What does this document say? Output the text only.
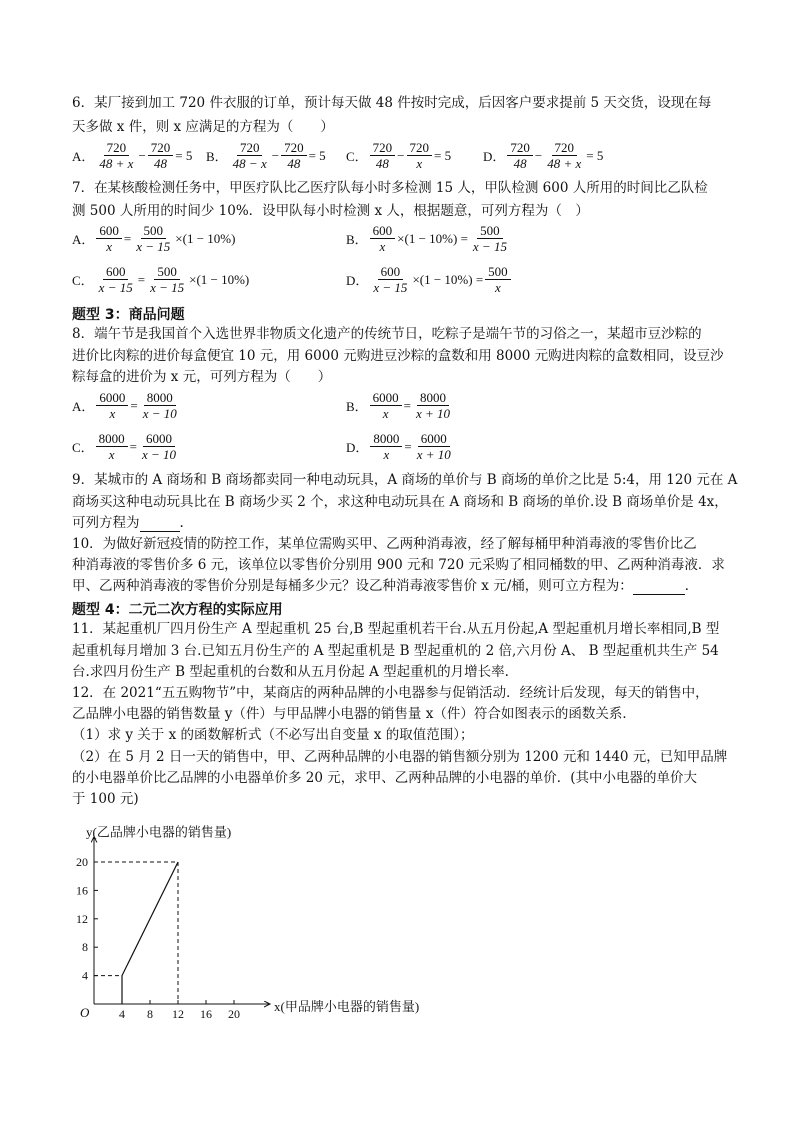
6．某厂接到加工 720 件衣服的订单，预计每天做 48 件按时完成，后因客户要求提前 5 天交货，设现在每
天多做 x 件，则 x 应满足的方程为（　　）
A． $\frac{720}{48 + x} - \frac{720}{48} = 5$ B． $\frac{720}{48 - x} - \frac{720}{48} = 5$ C． $\frac{720}{48} - \frac{720}{x} = 5$ D． $\frac{720}{48} - \frac{720}{48 + x} = 5$
7．在某核酸检测任务中，甲医疗队比乙医疗队每小时多检测 15 人，甲队检测 600 人所用的时间比乙队检
测 500 人所用的时间少 10%．设甲队每小时检测 x 人，根据题意，可列方程为（　）
A． $\frac{600}{x} = \frac{500}{x - 15} \times(1 - 10\%)$	B． $\frac{600}{x} \times(1 - 10\%) = \frac{500}{x - 15}$
C． $\frac{600}{x - 15} = \frac{500}{x - 15} \times(1 - 10\%)$	D． $\frac{600}{x - 15} \times(1 - 10\%) = \frac{500}{x}$
题型 3：商品问题
8．端午节是我国首个入选世界非物质文化遗产的传统节日，吃粽子是端午节的习俗之一，某超市豆沙粽的
进价比肉粽的进价每盒便宜 10 元，用 6000 元购进豆沙粽的盒数和用 8000 元购进肉粽的盒数相同，设豆沙
粽每盒的进价为 x 元，可列方程为（　　）
A． $\frac{6000}{x} = \frac{8000}{x - 10}$	B． $\frac{6000}{x} = \frac{8000}{x + 10}$
C． $\frac{8000}{x} = \frac{6000}{x - 10}$	D． $\frac{8000}{x} = \frac{6000}{x + 10}$
9．某城市的 A 商场和 B 商场都卖同一种电动玩具，A 商场的单价与 B 商场的单价之比是 5:4，用 120 元在 A
商场买这种电动玩具比在 B 商场少买 2 个，求这种电动玩具在 A 商场和 B 商场的单价.设 B 商场单价是 4x，
可列方程为	.
10．为做好新冠疫情的防控工作，某单位需购买甲、乙两种消毒液，经了解每桶甲种消毒液的零售价比乙
种消毒液的零售价多 6 元，该单位以零售价分别用 900 元和 720 元采购了相同桶数的甲、乙两种消毒液．求
甲、乙两种消毒液的零售价分别是每桶多少元？设乙种消毒液零售价 x 元/桶，则可立方程为：	．
题型 4：二元二次方程的实际应用
11．某起重机厂四月份生产 A 型起重机 25 台,B 型起重机若干台.从五月份起,A 型起重机月增长率相同,B 型
起重机每月增加 3 台.已知五月份生产的 A 型起重机是 B 型起重机的 2 倍,六月份 A、 B 型起重机共生产 54
台.求四月份生产 B 型起重机的台数和从五月份起 A 型起重机的月增长率.
12．在 2021“五五购物节”中，某商店的两种品牌的小电器参与促销活动．经统计后发现，每天的销售中，
乙品牌小电器的销售数量 y（件）与甲品牌小电器的销售量 x（件）符合如图表示的函数关系．
（1）求 y 关于 x 的函数解析式（不必写出自变量 x 的取值范围）；
（2）在 5 月 2 日一天的销售中，甲、乙两种品牌的小电器的销售额分别为 1200 元和 1440 元，已知甲品牌
的小电器单价比乙品牌的小电器单价多 20 元，求甲、乙两种品牌的小电器的单价．(其中小电器的单价大
于 100 元)
y(乙品牌小电器的销售量)
x(甲品牌小电器的销售量)
O 4 8 12 16 20
4
8
12
16
20
